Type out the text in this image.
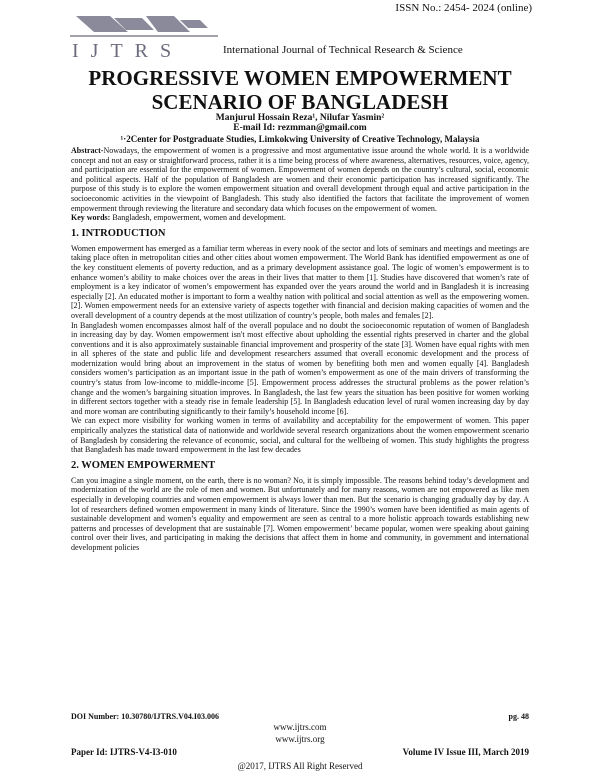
ISSN No.: 2454- 2024 (online)
IJTRS	International Journal of Technical Research & Science
PROGRESSIVE WOMEN EMPOWERMENT
SCENARIO OF BANGLADESH
Manjurul Hossain Reza¹, Nilufar Yasmin²
E-mail Id: rezmman@gmail.com
¹·2Center for Postgraduate Studies, Limkokwing University of Creative Technology, Malaysia

Abstract-Nowadays, the empowerment of women is a progressive and most argumentative issue around the whole world. It is a worldwide concept and not an easy or straightforward process, rather it is a time being process of where awareness, alternatives, resources, voice, agency, and participation are essential for the empowerment of women. Empowerment of women depends on the country’s cultural, social, economic and political aspects. Half of the population of Bangladesh are women and their economic participation has increased significantly. The purpose of this study is to explore the women empowerment situation and overall development through equal and active participation in the socioeconomic activities in the viewpoint of Bangladesh. This study also identified the factors that facilitate the improvement of women empowerment through reviewing the literature and secondary data which focuses on the empowerment of women.

Key words: Bangladesh, empowerment, women and development.

1. INTRODUCTION

Women empowerment has emerged as a familiar term whereas in every nook of the sector and lots of seminars and meetings and meetings are taking place often in metropolitan cities and other cities about women empowerment. The World Bank has identified empowerment as one of the key constituent elements of poverty reduction, and as a primary development assistance goal. The logic of women’s empowerment is to enhance women’s ability to make choices over the areas in their lives that matter to them [1]. Studies have discovered that women’s rate of employment is a key indicator of women’s empowerment has expanded over the years around the world and in Bangladesh it is increasing especially [2]. An educated mother is important to form a wealthy nation with political and social attention as well as the empowering women. [2]. Women empowerment needs for an extensive variety of aspects together with financial and decision making capacities of women and the overall development of a country depends at the most utilization of country’s people, both males and females [2].

In Bangladesh women encompasses almost half of the overall populace and no doubt the socioeconomic reputation of women of Bangladesh in increasing day by day. Women empowerment isn't most effective about upholding the essential rights preserved in charter and the global conventions and it is also approximately sustainable financial improvement and prosperity of the state [3]. Women have equal rights with men in all spheres of the state and public life and development researchers assumed that overall economic development and the process of modernization would bring about an improvement in the status of women by benefiting both men and women equally [4]. Bangladesh considers women’s participation as an important issue in the path of women’s empowerment as one of the main drivers of transforming the country’s status from low-income to middle-income [5]. Empowerment process addresses the structural problems as the power relation’s change and the women’s bargaining situation improves. In Bangladesh, the last few years the situation has been positive for women working in different sectors together with a steady rise in female leadership [5]. In Bangladesh education level of rural women increasing day by day and more woman are contributing significantly to their family’s household income [6].

We can expect more visibility for working women in terms of availability and acceptability for the empowerment of women. This paper empirically analyzes the statistical data of nationwide and worldwide several research organizations about the women empowerment scenario of Bangladesh by considering the relevance of economic, social, and cultural for the wellbeing of women. This study highlights the progress that Bangladesh has made toward empowerment in the last few decades

2. WOMEN EMPOWERMENT

Can you imagine a single moment, on the earth, there is no woman? No, it is simply impossible. The reasons behind today’s development and modernization of the world are the role of men and women. But unfortunately and for many reasons, women are not empowered as like men especially in developing countries and women empowerment is always lower than men. But the scenario is changing gradually day by day. A lot of researchers defined women empowerment in many kinds of literature. Since the 1990’s women have been identified as main agents of sustainable development and women’s equality and empowerment are seen as central to a more holistic approach towards establishing new patterns and processes of development that are sustainable [7]. Women empowerment’ became popular, women were speaking about gaining control over their lives, and participating in making the decisions that affect them in home and community, in government and international development policies

DOI Number: 10.30780/IJTRS.V04.I03.006	pg. 48
www.ijtrs.com
www.ijtrs.org
Paper Id: IJTRS-V4-I3-010	Volume IV Issue III, March 2019
@2017, IJTRS All Right Reserved
